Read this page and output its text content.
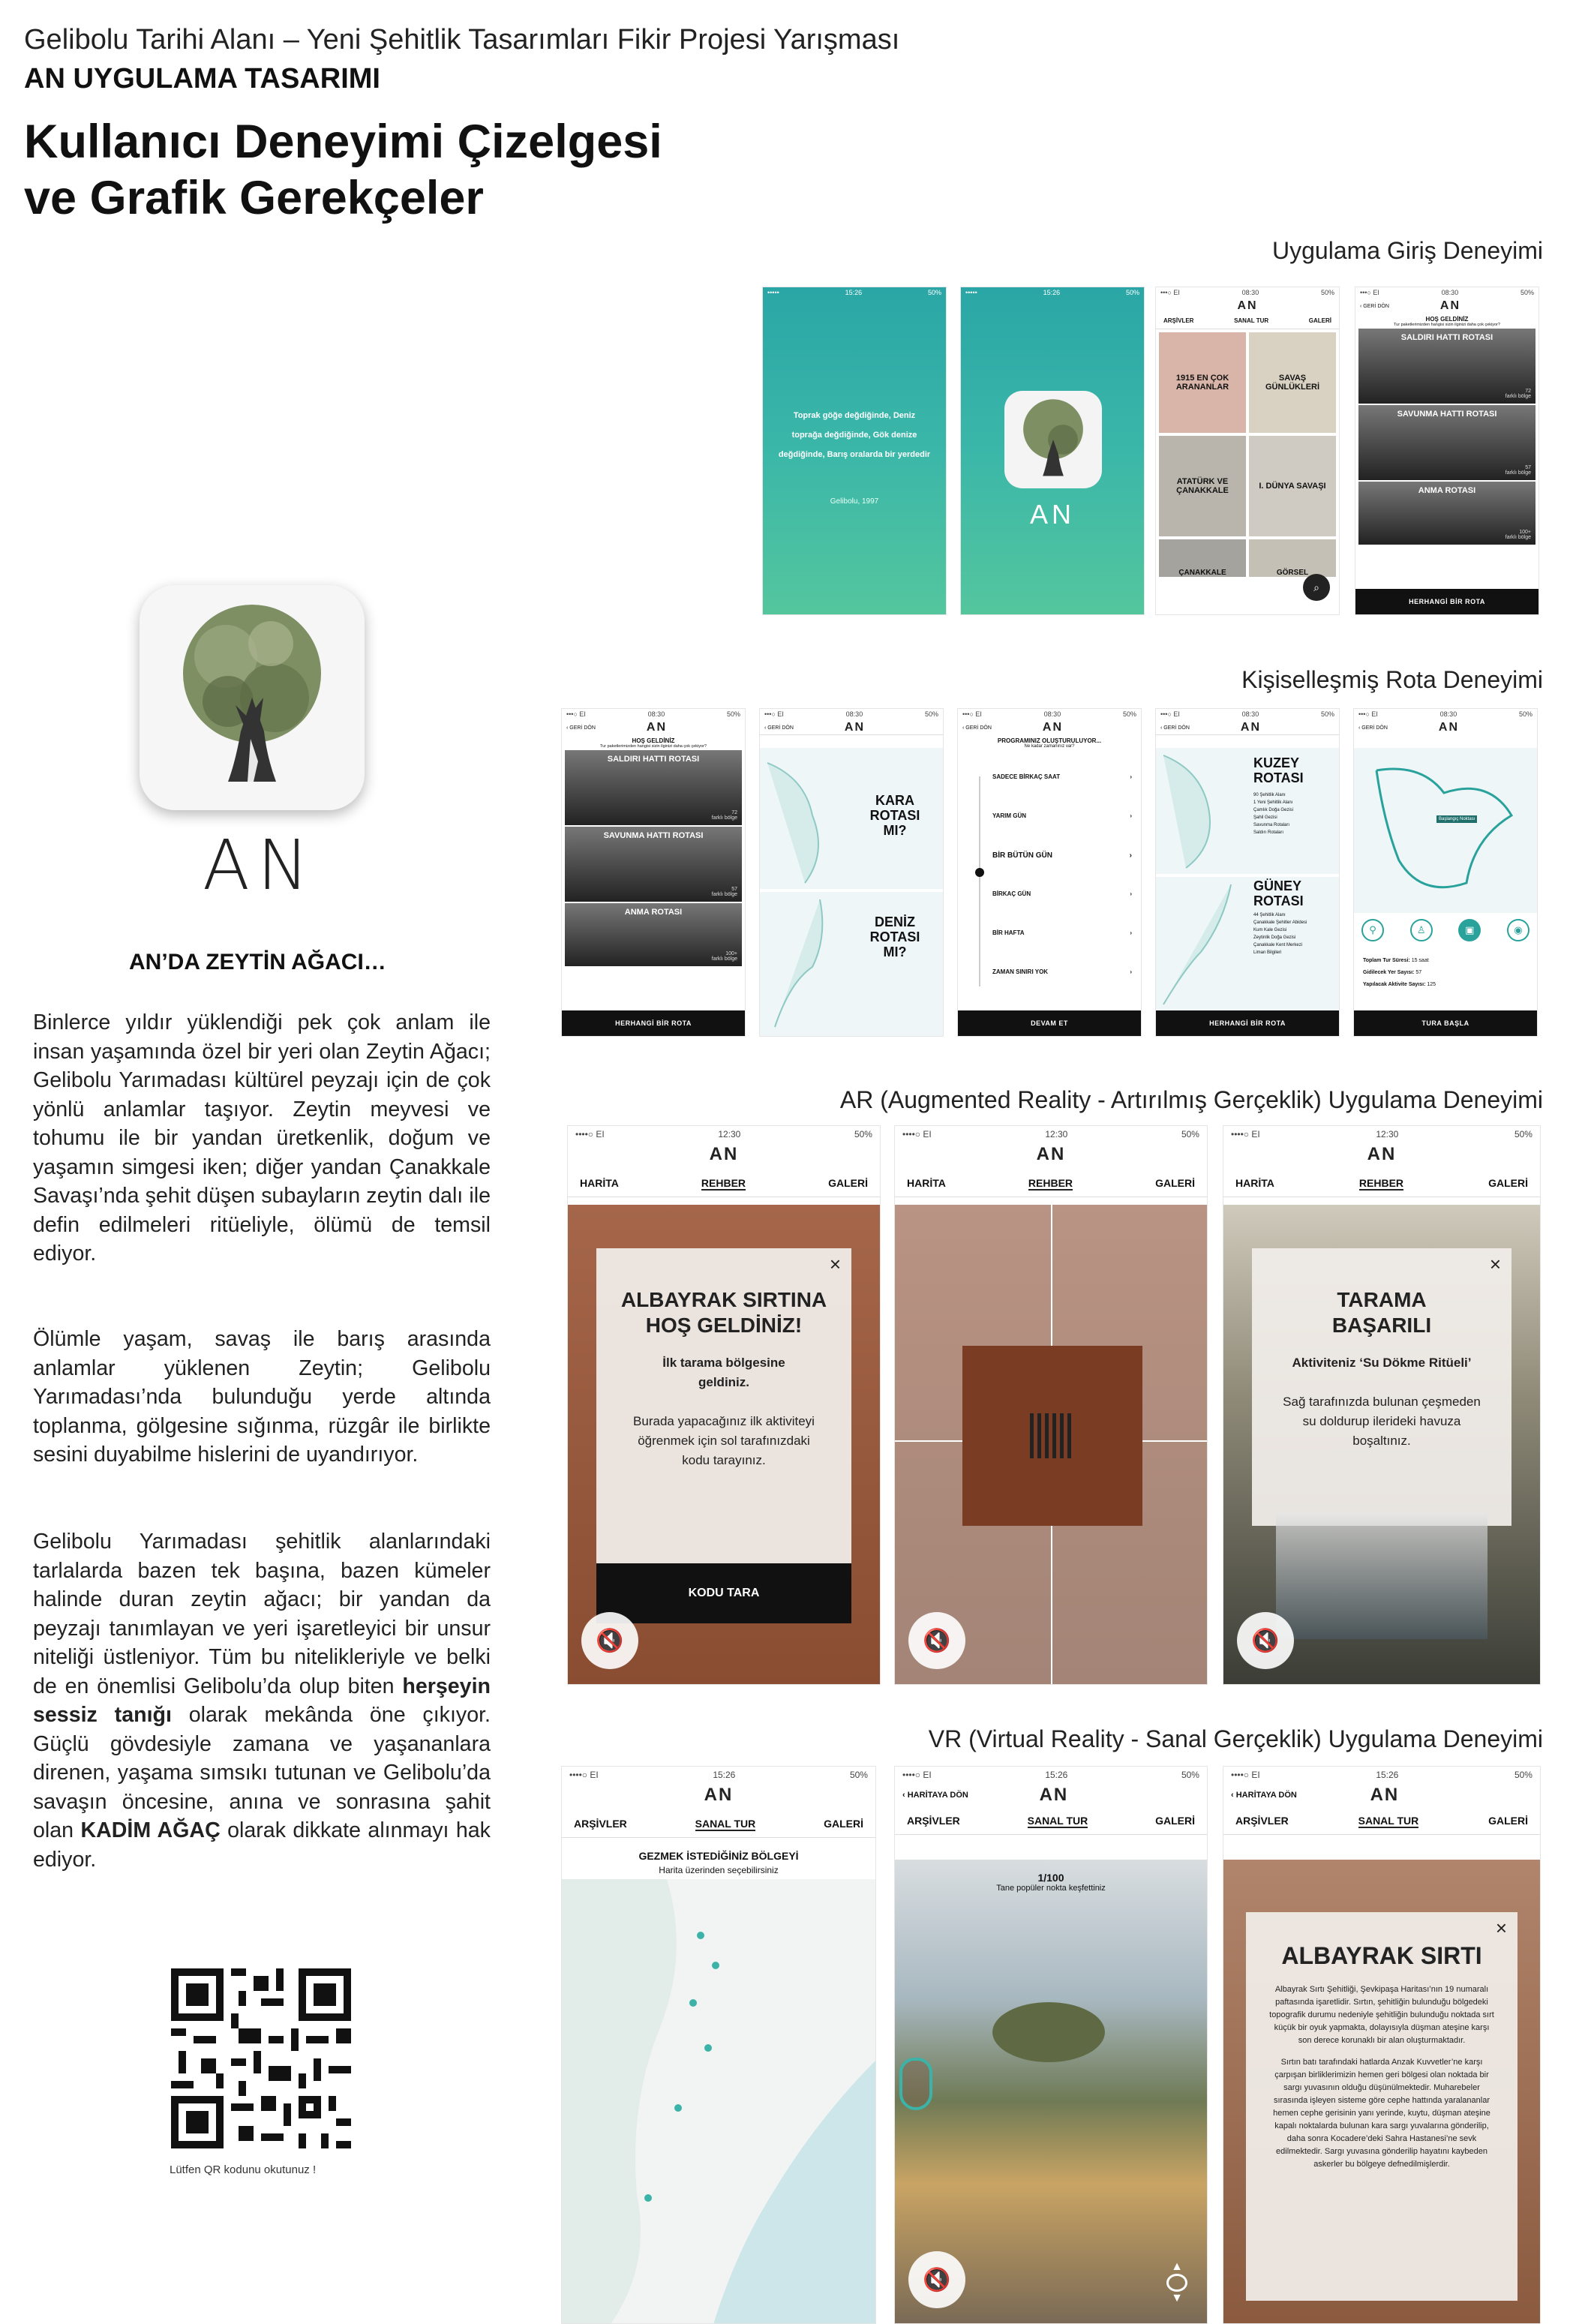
Gelibolu Tarihi Alanı – Yeni Şehitlik Tasarımları Fikir Projesi Yarışması
AN UYGULAMA TASARIMI
Kullanıcı Deneyimi Çizelgesi
ve Grafik Gerekçeler
AN
AN’DA ZEYTİN AĞACI…
Binlerce yıldır yüklendiği pek çok anlam ile insan yaşamında özel bir yeri olan Zeytin Ağacı; Gelibolu Yarımadası kültürel peyzajı için de çok yönlü anlamlar taşıyor. Zeytin meyvesi ve tohumu ile bir yandan üretkenlik, doğum ve yaşamın simgesi iken; diğer yandan Çanakkale Savaşı’nda şehit düşen subayların zeytin dalı ile defin edilmeleri ritüeliyle, ölümü de temsil ediyor.
Ölümle yaşam, savaş ile barış arasında anlamlar yüklenen Zeytin; Gelibolu Yarımadası’nda bulunduğu yerde altında toplanma, gölgesine sığınma, rüzgâr ile birlikte sesini duyabilme hislerini de uyandırıyor.
Gelibolu Yarımadası şehitlik alanlarındaki tarlalarda bazen tek başına, bazen kümeler halinde duran zeytin ağacı; bir yandan da peyzajı tanımlayan ve yeri işaretleyici bir unsur niteliği üstleniyor. Tüm bu nitelikleriyle ve belki de en önemlisi Gelibolu’da olup biten herşeyin sessiz tanığı olarak mekânda öne çıkıyor. Güçlü gövdesiyle zamana ve yaşananlara direnen, yaşama sımsıkı tutunan ve Gelibolu’da savaşın öncesine, anına ve sonrasına şahit olan KADİM AĞAÇ olarak dikkate alınmayı hak ediyor.
Lütfen QR kodunu okutunuz !
Uygulama Giriş Deneyimi
Kişiselleşmiş Rota Deneyimi
AR (Augmented Reality - Artırılmış Gerçeklik) Uygulama Deneyimi
VR (Virtual Reality - Sanal Gerçeklik) Uygulama Deneyimi
•••••	15:26	50%
Toprak göğe değdiğinde, Deniz toprağa değdiğinde, Gök denize değdiğinde, Barış oralarda bir yerdedir
Gelibolu, 1997
•••••	15:26	50%
AN
•••○ EI	08:30	50%
AN
ARŞİVLER	SANAL TUR	GALERİ
1915 EN ÇOK ARANANLAR
SAVAŞ GÜNLÜKLERİ
ATATÜRK VE ÇANAKKALE	I. DÜNYA SAVAŞI
ÇANAKKALE	GÖRSEL
⌕
•••○ EI	08:30	50%
‹ GERİ DÖN	AN
HOŞ GELDİNİZ
Tur paketlerimizden hangisi sizin ilginizi daha çok çekiyor?
SALDIRI HATTI ROTASI
72
farklı bölge
SAVUNMA HATTI ROTASI
57
farklı bölge
ANMA ROTASI
100+
farklı bölge
HERHANGİ BİR ROTA
•••○ EI	08:30	50%
‹ GERİ DÖN	AN
HOŞ GELDİNİZ
Tur paketlerimizden hangisi sizin ilginizi daha çok çekiyor?
SALDIRI HATTI ROTASI
72
farklı bölge
SAVUNMA HATTI ROTASI
57
farklı bölge
ANMA ROTASI
100+
farklı bölge
HERHANGİ BİR ROTA
•••○ EI	08:30	50%
‹ GERİ DÖN	AN
KARA ROTASI MI?
DENİZ ROTASI MI?
•••○ EI	08:30	50%
‹ GERİ DÖN	AN
PROGRAMINIZ OLUŞTURULUYOR...
Ne kadar zamanınız var?
SADECE BİRKAÇ SAAT	›
YARIM GÜN	›
BİR BÜTÜN GÜN	›
BİRKAÇ GÜN	›
BİR HAFTA	›
ZAMAN SINIRI YOK	›
DEVAM ET
•••○ EI	08:30	50%
‹ GERİ DÖN	AN
KUZEY ROTASI
90 Şehitlik Alanı
1 Yeni Şehitlik Alanı
Çamlık Doğa Gezisi
Şahil Gezisi
Savunma Rotaları
Saldırı Rotaları
GÜNEY ROTASI
44 Şehitlik Alanı
Çanakkale Şehitler Abidesi
Kum Kale Gezisi
Zeytinlik Doğa Gezisi
Çanakkale Kent Merkezi
Liman Bilgileri
HERHANGİ BİR ROTA
•••○ EI	08:30	50%
‹ GERİ DÖN	AN
Başlangıç Noktası
⚲	♙	▣	◉
Toplam Tur Süresi: 15 saat
Gidilecek Yer Sayısı: 57
Yapılacak Aktivite Sayısı: 125
TURA BAŞLA
••••○ EI	12:30	50%
AN
HARİTA	REHBER	GALERİ
×
ALBAYRAK SIRTINA HOŞ GELDİNİZ!
İlk tarama bölgesine geldiniz.
Burada yapacağınız ilk aktiviteyi öğrenmek için sol tarafınızdaki kodu tarayınız.
KODU TARA
🔇
••••○ EI	12:30	50%
AN
HARİTA	REHBER	GALERİ
🔇
••••○ EI	12:30	50%
AN
HARİTA	REHBER	GALERİ
×
TARAMA BAŞARILI
Aktiviteniz ‘Su Dökme Ritüeli’
Sağ tarafınızda bulunan çeşmeden su doldurup ilerideki havuza boşaltınız.
🔇
••••○ EI	15:26	50%
AN
ARŞİVLER	SANAL TUR	GALERİ
GEZMEK İSTEDİĞİNİZ BÖLGEYİ
Harita üzerinden seçebilirsiniz
••••○ EI	15:26	50%
‹ HARİTAYA DÖN	AN
ARŞİVLER	SANAL TUR	GALERİ
1/100
Tane popüler nokta keşfettiniz
🔇
▲
▼
••••○ EI	15:26	50%
‹ HARİTAYA DÖN	AN
ARŞİVLER	SANAL TUR	GALERİ
×
ALBAYRAK SIRTI
Albayrak Sırtı Şehitliği, Şevkipaşa Haritası’nın 19 numaralı paftasında işaretlidir. Sırtın, şehitliğin bulunduğu bölgedeki topografik durumu nedeniyle şehitliğin bulunduğu noktada sırt küçük bir oyuk yapmakta, dolayısıyla düşman ateşine karşı son derece korunaklı bir alan oluşturmaktadır.
Sırtın batı tarafındaki hatlarda Anzak Kuvvetler’ne karşı çarpışan birliklerimizin hemen geri bölgesi olan noktada bir sargı yuvasının olduğu düşünülmektedir. Muharebeler sırasında işleyen sisteme göre cephe hattında yaralananlar hemen cephe gerisinin yanı yerinde, kuytu, düşman ateşine kapalı noktalarda bulunan kara sargı yuvalarına gönderilip, daha sonra Kocadere’deki Sahra Hastanesi’ne sevk edilmektedir. Sargı yuvasına gönderilip hayatını kaybeden askerler bu bölgeye defnedilmişlerdir.
